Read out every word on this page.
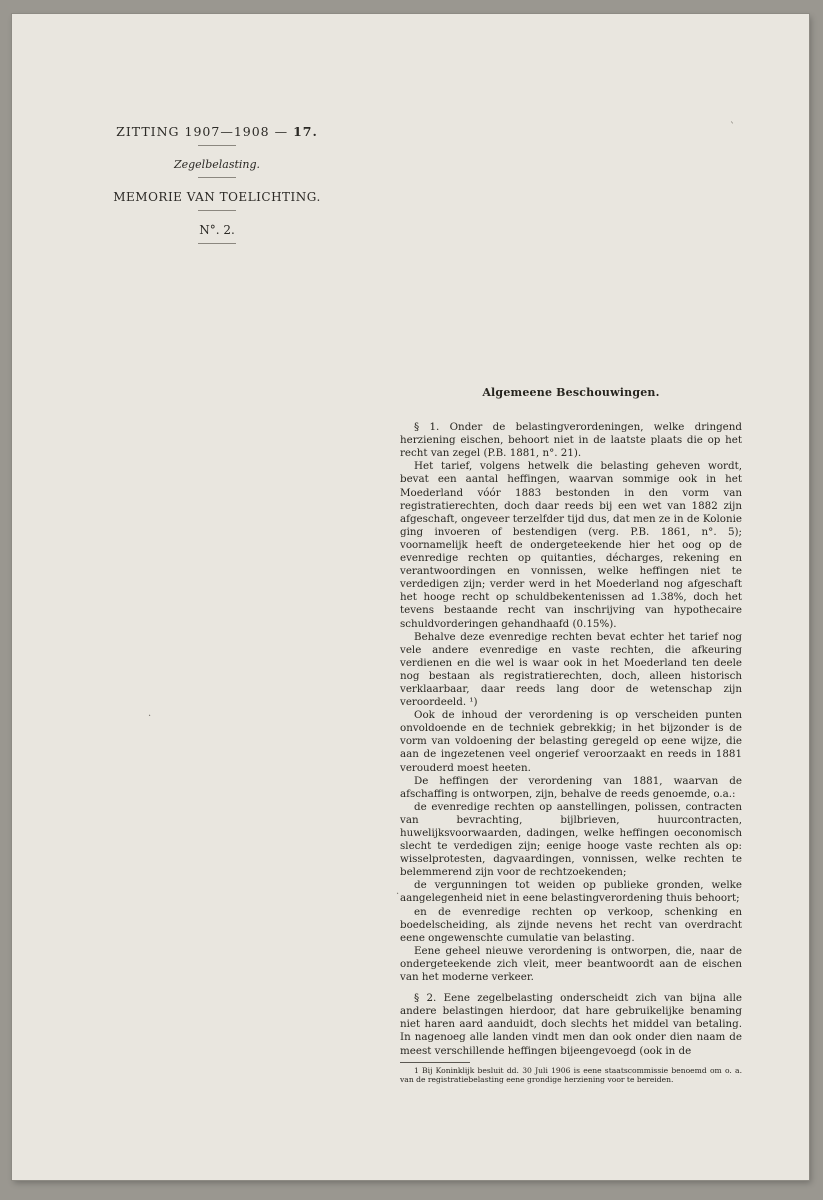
ZITTING 1907—1908 — 17.
Zegelbelasting.
MEMORIE VAN TOELICHTING.
N°. 2.
Algemeene Beschouwingen.

§ 1. Onder de belastingverordeningen, welke dringend herziening eischen, behoort niet in de laatste plaats die op het recht van zegel (P.B. 1881, n°. 21).

Het tarief, volgens hetwelk die belasting geheven wordt, bevat een aantal heffingen, waarvan sommige ook in het Moederland vóór 1883 bestonden in den vorm van registratierechten, doch daar reeds bij een wet van 1882 zijn afgeschaft, ongeveer terzelfder tijd dus, dat men ze in de Kolonie ging invoeren of bestendigen (verg. P.B. 1861, n°. 5); voornamelijk heeft de ondergeteekende hier het oog op de evenredige rechten op quitanties, décharges, rekening en verantwoordingen en vonnissen, welke heffingen niet te verdedigen zijn; verder werd in het Moederland nog afgeschaft het hooge recht op schuldbekentenissen ad 1.38%, doch het tevens bestaande recht van inschrijving van hypothecaire schuldvorderingen gehandhaafd (0.15%).

Behalve deze evenredige rechten bevat echter het tarief nog vele andere evenredige en vaste rechten, die afkeuring verdienen en die wel is waar ook in het Moederland ten deele nog bestaan als registratierechten, doch, alleen historisch verklaarbaar, daar reeds lang door de wetenschap zijn veroordeeld. ¹)

Ook de inhoud der verordening is op verscheiden punten onvoldoende en de techniek gebrekkig; in het bijzonder is de vorm van voldoening der belasting geregeld op eene wijze, die aan de ingezetenen veel ongerief veroorzaakt en reeds in 1881 verouderd moest heeten.

De heffingen der verordening van 1881, waarvan de afschaffing is ontworpen, zijn, behalve de reeds genoemde, o.a.:

de evenredige rechten op aanstellingen, polissen, contracten van bevrachting, bijlbrieven, huurcontracten, huwelijksvoorwaarden, dadingen, welke heffingen oeconomisch slecht te verdedigen zijn; eenige hooge vaste rechten als op: wisselprotesten, dagvaardingen, vonnissen, welke rechten te belemmerend zijn voor de rechtzoekenden;

de vergunningen tot weiden op publieke gronden, welke aangelegenheid niet in eene belastingverordening thuis behoort;

en de evenredige rechten op verkoop, schenking en boedelscheiding, als zijnde nevens het recht van overdracht eene ongewenschte cumulatie van belasting.

Eene geheel nieuwe verordening is ontworpen, die, naar de ondergeteekende zich vleit, meer beantwoordt aan de eischen van het moderne verkeer.

§ 2. Eene zegelbelasting onderscheidt zich van bijna alle andere belastingen hierdoor, dat hare gebruikelijke benaming niet haren aard aanduidt, doch slechts het middel van betaling. In nagenoeg alle landen vindt men dan ook onder dien naam de meest verschillende heffingen bijeengevoegd (ook in de

1 Bij Koninklijk besluit dd. 30 Juli 1906 is eene staatscommissie benoemd om o. a. van de registratiebelasting eene grondige herziening voor te bereiden.

`
·
·
